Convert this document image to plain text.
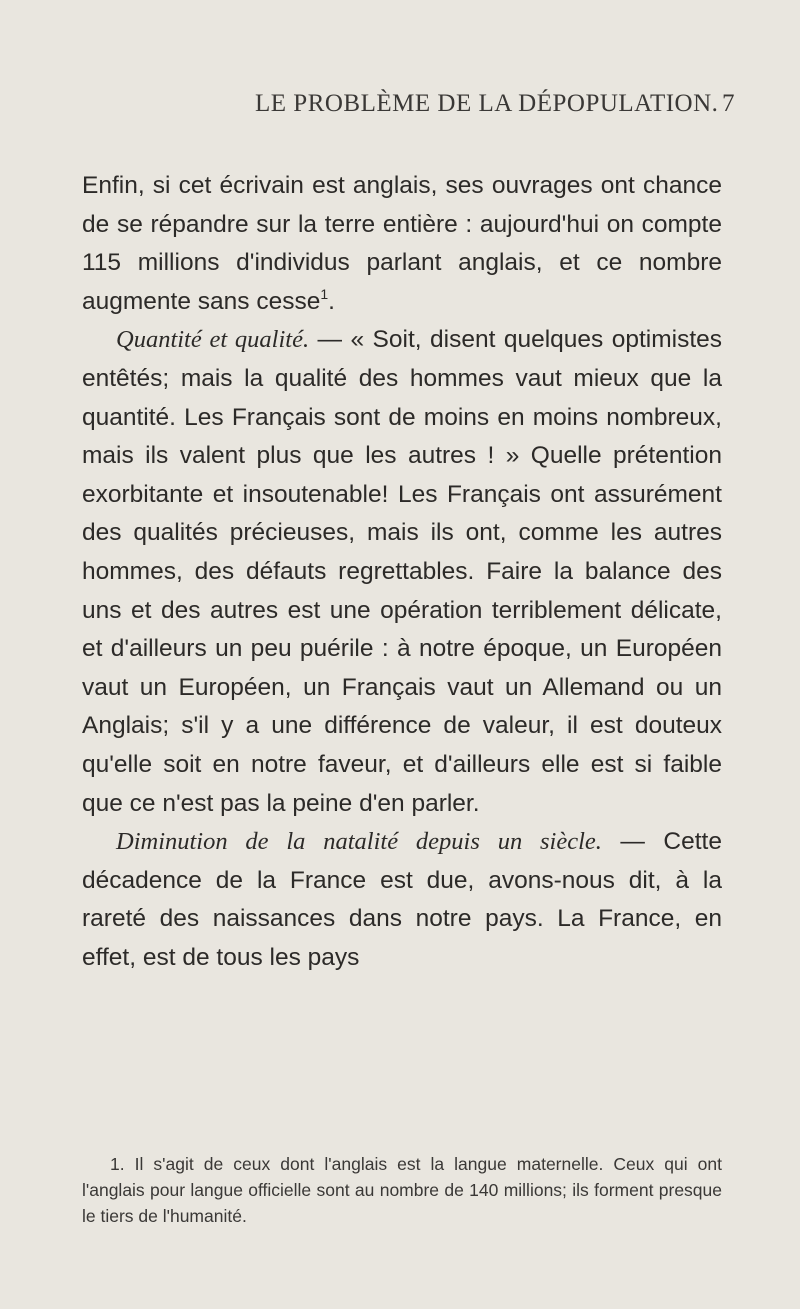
LE PROBLÈME DE LA DÉPOPULATION. 7

Enfin, si cet écrivain est anglais, ses ouvrages ont chance de se répandre sur la terre entière : aujourd'hui on compte 115 millions d'individus parlant anglais, et ce nombre augmente sans cesse$^1$.

Quantité et qualité. — « Soit, disent quelques optimistes entêtés; mais la qualité des hommes vaut mieux que la quantité. Les Français sont de moins en moins nombreux, mais ils valent plus que les autres ! » Quelle prétention exorbitante et insoutenable! Les Français ont assurément des qualités précieuses, mais ils ont, comme les autres hommes, des défauts regrettables. Faire la balance des uns et des autres est une opération terriblement délicate, et d'ailleurs un peu puérile : à notre époque, un Européen vaut un Européen, un Français vaut un Allemand ou un Anglais; s'il y a une différence de valeur, il est douteux qu'elle soit en notre faveur, et d'ailleurs elle est si faible que ce n'est pas la peine d'en parler.

Diminution de la natalité depuis un siècle. — Cette décadence de la France est due, avons-nous dit, à la rareté des naissances dans notre pays. La France, en effet, est de tous les pays

1. Il s'agit de ceux dont l'anglais est la langue maternelle. Ceux qui ont l'anglais pour langue officielle sont au nombre de 140 millions; ils forment presque le tiers de l'humanité.
